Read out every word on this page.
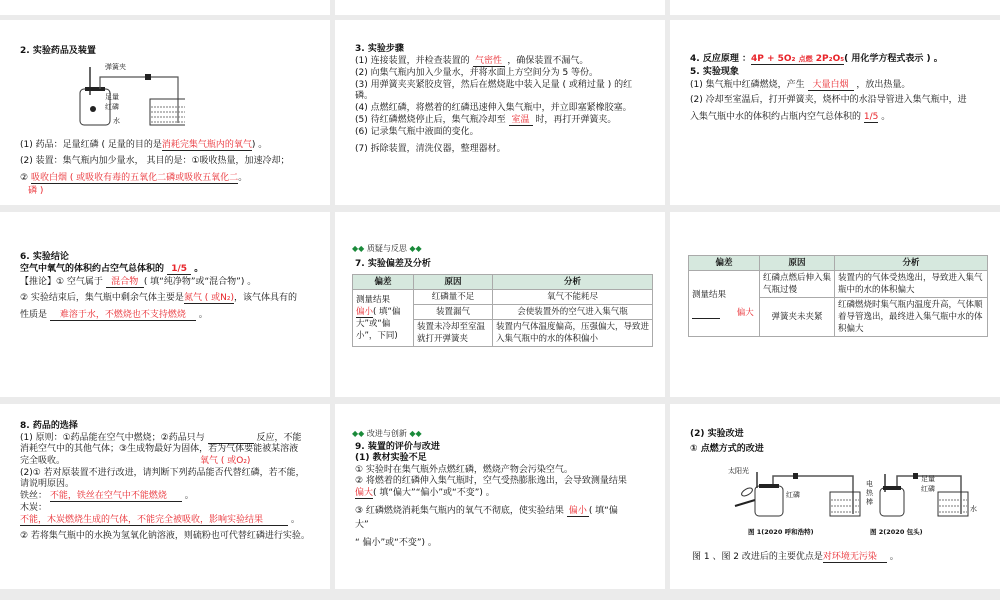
2. 实验药品及装置
弹簧夹
足量
红磷
水
(1) 药品：足量红磷 ( 足量的目的是消耗完集气瓶内的氧气) 。
(2) 装置：集气瓶内加少量水， 其目的是：①吸收热量，加速冷却；
② 吸收白烟 ( 或吸收有毒的五氧化二磷或吸收五氧化二。
磷 )
3. 实验步骤
(1) 连接装置，并检查装置的 气密性 ，确保装置不漏气。
(2) 向集气瓶内加入少量水，并将水面上方空间分为 5 等份。
(3) 用弹簧夹夹紧胶皮管，然后在燃烧匙中装入足量 ( 或稍过量 ) 的红
磷。
(4) 点燃红磷，将燃着的红磷迅速伸入集气瓶中，并立即塞紧橡胶塞。
(5) 待红磷燃烧停止后，集气瓶冷却至 室温 时，再打开弹簧夹。
(6) 记录集气瓶中液面的变化。
(7) 拆除装置，清洗仪器，整理器材。
4. 反应原理 ：4P + 5O₂ 点燃 2P₂O₅( 用化学方程式表示 ) 。
5. 实验现象
(1) 集气瓶中红磷燃烧，产生 大量白烟 ，放出热量。
(2) 冷却至室温后，打开弹簧夹，烧杯中的水沿导管进入集气瓶中，进
入集气瓶中水的体积约占瓶内空气总体积的 1/5 。
6. 实验结论
空气中氧气的体积约占空气总体积的 1/5 。
【推论】① 空气属于 混合物 ( 填“纯净物”或“混合物”) 。
② 实验结束后，集气瓶中剩余气体主要是氮气 ( 或N₂)，该气体具有的
性质是 难溶于水，不燃烧也不支持燃烧 。
◆◆ 质疑与反思 ◆◆
7. 实验偏差及分析
偏差	原因	分析

测量结果
偏小( 填“偏
大”或“偏
小”，下同)	红磷量不足	氧气不能耗尽
	装置漏气	会使装置外的空气进入集气瓶
	装置未冷却至室温就打开弹簧夹	装置内气体温度偏高，压强偏大，导致进入集气瓶中的水的体积偏小
偏差	原因	分析

测量结果
偏大	红磷点燃后伸入集气瓶过慢	装置内的气体受热逸出，导致进入集气瓶中的水的体积偏大
	弹簧夹未夹紧	红磷燃烧时集气瓶内温度升高，气体顺着导管逸出，最终进入集气瓶中水的体积偏大
8. 药品的选择
(1) 原则：①药品能在空气中燃烧；②药品只与	反应，不能
消耗空气中的其他气体；③生成物最好为固体，若为气体要能被某溶液
完全吸收。	氧气 ( 或O₂)
(2)① 若对原装置不进行改进，请判断下列药品能否代替红磷，若不能，
请说明原因。
铁丝： 不能，铁丝在空气中不能燃烧 。
木炭：
不能，木炭燃烧生成的气体，不能完全被吸收，影响实验结果	。
② 若将集气瓶中的水换为氢氧化钠溶液，则硫粉也可代替红磷进行实验。
◆◆ 改进与创新 ◆◆
9. 装置的评价与改进
(1) 教材实验不足
① 实验时在集气瓶外点燃红磷，燃烧产物会污染空气。
② 将燃着的红磷伸入集气瓶时，空气受热膨胀逸出，会导致测量结果
偏大( 填“偏大”“偏小”或“不变”) 。
③ 红磷燃烧消耗集气瓶内的氧气不彻底，使实验结果 偏小 ( 填“偏
大”
“ 偏小”或“不变”) 。
(2) 实验改进
① 点燃方式的改进
太阳光
红磷
电热棒
足量
红磷
水
图 1(2020 呼和浩特)	图 2(2020 包头)
图 1 、图 2 改进后的主要优点是对环境无污染 。
